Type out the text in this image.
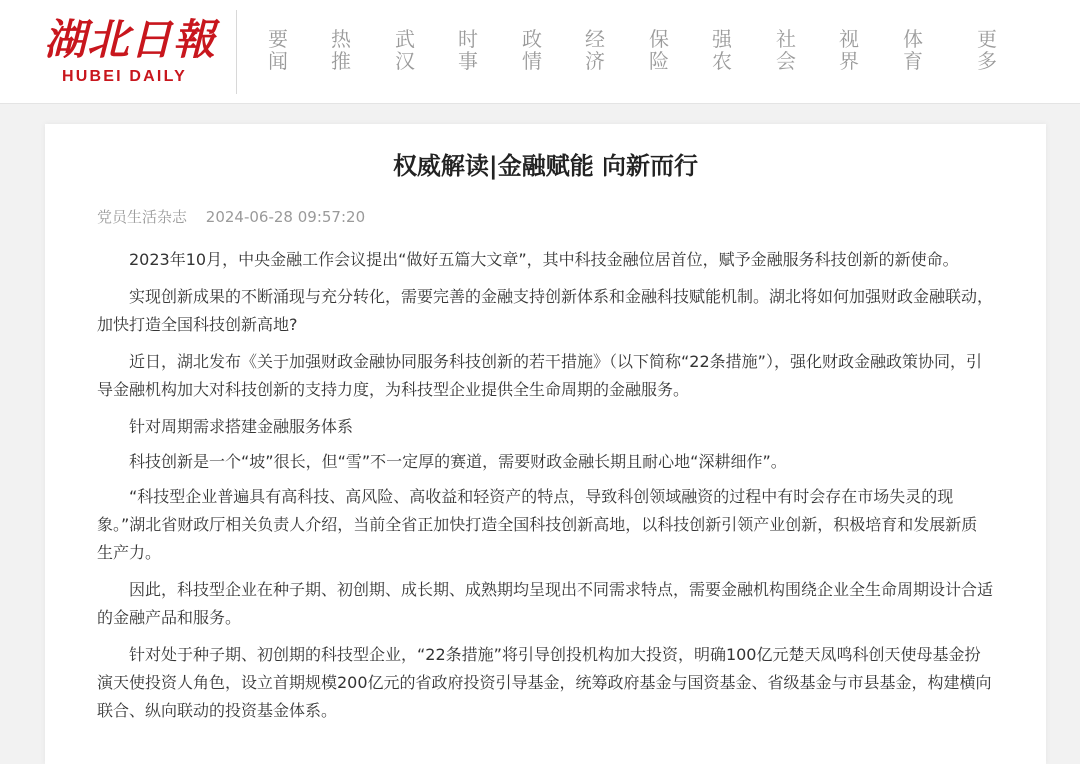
湖北日報
HUBEI DAILY
要
闻
热
推
武
汉
时
事
政
情
经
济
保
险
强
农
社
会
视
界
体
育
更
多
权威解读|金融赋能 向新而行
党员生活杂志 2024-06-28 09:57:20

2023年10月，中央金融工作会议提出“做好五篇大文章”，其中科技金融位居首位，赋予金融服务科技创新的新使命。

实现创新成果的不断涌现与充分转化，需要完善的金融支持创新体系和金融科技赋能机制。湖北将如何加强财政金融联动，加快打造全国科技创新高地?

近日，湖北发布《关于加强财政金融协同服务科技创新的若干措施》（以下简称“22条措施”），强化财政金融政策协同，引导金融机构加大对科技创新的支持力度，为科技型企业提供全生命周期的金融服务。

针对周期需求搭建金融服务体系

科技创新是一个“坡”很长，但“雪”不一定厚的赛道，需要财政金融长期且耐心地“深耕细作”。

“科技型企业普遍具有高科技、高风险、高收益和轻资产的特点，导致科创领域融资的过程中有时会存在市场失灵的现象。”湖北省财政厅相关负责人介绍，当前全省正加快打造全国科技创新高地，以科技创新引领产业创新，积极培育和发展新质生产力。

因此，科技型企业在种子期、初创期、成长期、成熟期均呈现出不同需求特点，需要金融机构围绕企业全生命周期设计合适的金融产品和服务。

针对处于种子期、初创期的科技型企业，“22条措施”将引导创投机构加大投资，明确100亿元楚天凤鸣科创天使母基金扮演天使投资人角色，设立首期规模200亿元的省政府投资引导基金，统筹政府基金与国资基金、省级基金与市县基金，构建横向联合、纵向联动的投资基金体系。
